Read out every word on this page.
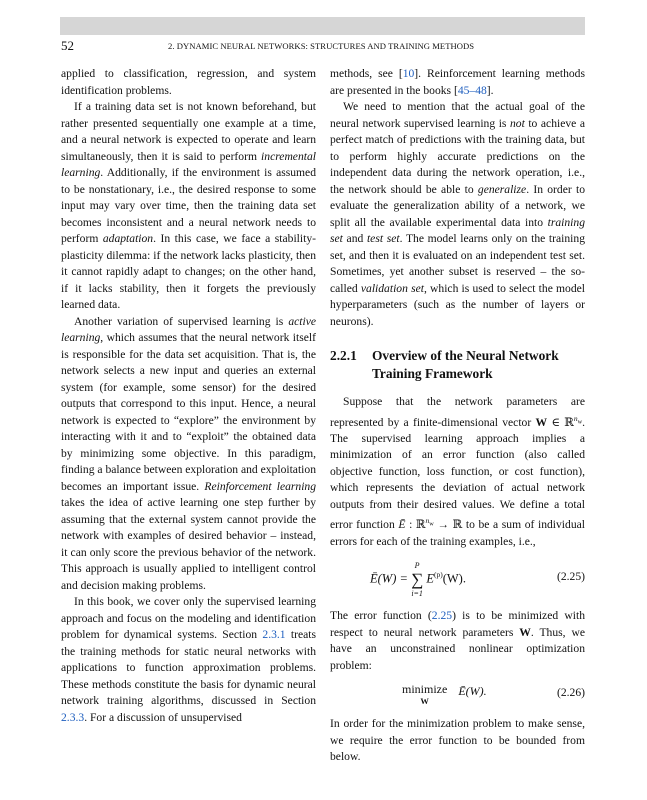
52	2. DYNAMIC NEURAL NETWORKS: STRUCTURES AND TRAINING METHODS

applied to classification, regression, and system identification problems.

If a training data set is not known beforehand, but rather presented sequentially one example at a time, and a neural network is expected to operate and learn simultaneously, then it is said to perform incremental learning. Additionally, if the environment is assumed to be nonstationary, i.e., the desired response to some input may vary over time, then the training data set becomes inconsistent and a neural network needs to perform adaptation. In this case, we face a stability-plasticity dilemma: if the network lacks plasticity, then it cannot rapidly adapt to changes; on the other hand, if it lacks stability, then it forgets the previously learned data.

Another variation of supervised learning is active learning, which assumes that the neural network itself is responsible for the data set acquisition. That is, the network selects a new input and queries an external system (for example, some sensor) for the desired outputs that correspond to this input. Hence, a neural network is expected to “explore” the environment by interacting with it and to “exploit” the obtained data by minimizing some objective. In this paradigm, finding a balance between exploration and exploitation becomes an important issue. Reinforcement learning takes the idea of active learning one step further by assuming that the external system cannot provide the network with examples of desired behavior – instead, it can only score the previous behavior of the network. This approach is usually applied to intelligent control and decision making problems.

In this book, we cover only the supervised learning approach and focus on the modeling and identification problem for dynamical systems. Section 2.3.1 treats the training methods for static neural networks with applications to function approximation problems. These methods constitute the basis for dynamic neural network training algorithms, discussed in Section 2.3.3. For a discussion of unsupervised

methods, see [10]. Reinforcement learning methods are presented in the books [45–48].

We need to mention that the actual goal of the neural network supervised learning is not to achieve a perfect match of predictions with the training data, but to perform highly accurate predictions on the independent data during the network operation, i.e., the network should be able to generalize. In order to evaluate the generalization ability of a network, we split all the available experimental data into training set and test set. The model learns only on the training set, and then it is evaluated on an independent test set. Sometimes, yet another subset is reserved – the so-called validation set, which is used to select the model hyperparameters (such as the number of layers or neurons).

2.2.1	Overview of the Neural Network Training Framework

Suppose that the network parameters are represented by a finite-dimensional vector W ∈ ℝ$^{n_w}$. The supervised learning approach implies a minimization of an error function (also called objective function, loss function, or cost function), which represents the deviation of actual network outputs from their desired values. We define a total error function Ē : ℝ$^{n_w}$ → ℝ to be a sum of individual errors for each of the training examples, i.e.,

Ē(W) =
P
∑
i=1
$E^{(p)}(W)$.	(2.25)

The error function (2.25) is to be minimized with respect to neural network parameters W. Thus, we have an unconstrained nonlinear optimization problem:

minimize
W
Ē(W).	(2.26)

In order for the minimization problem to make sense, we require the error function to be bounded from below.
